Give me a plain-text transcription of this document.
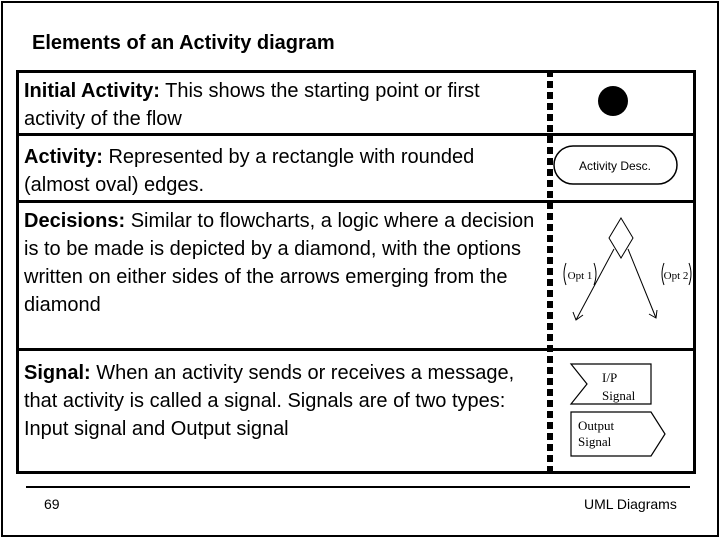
Elements of an Activity diagram
Initial Activity: This shows the starting point or first activity of the flow
Activity: Represented by a rectangle with rounded (almost oval) edges.
Activity Desc.
Decisions: Similar to flowcharts, a logic where a decision is to be made is depicted by a diamond, with the options written on either sides of the arrows emerging from the diamond
Opt 1	Opt 2
Signal: When an activity sends or receives a message, that activity is called a signal. Signals are of two types: Input signal and Output signal
I/P
Signal
Output
Signal
69	UML Diagrams
